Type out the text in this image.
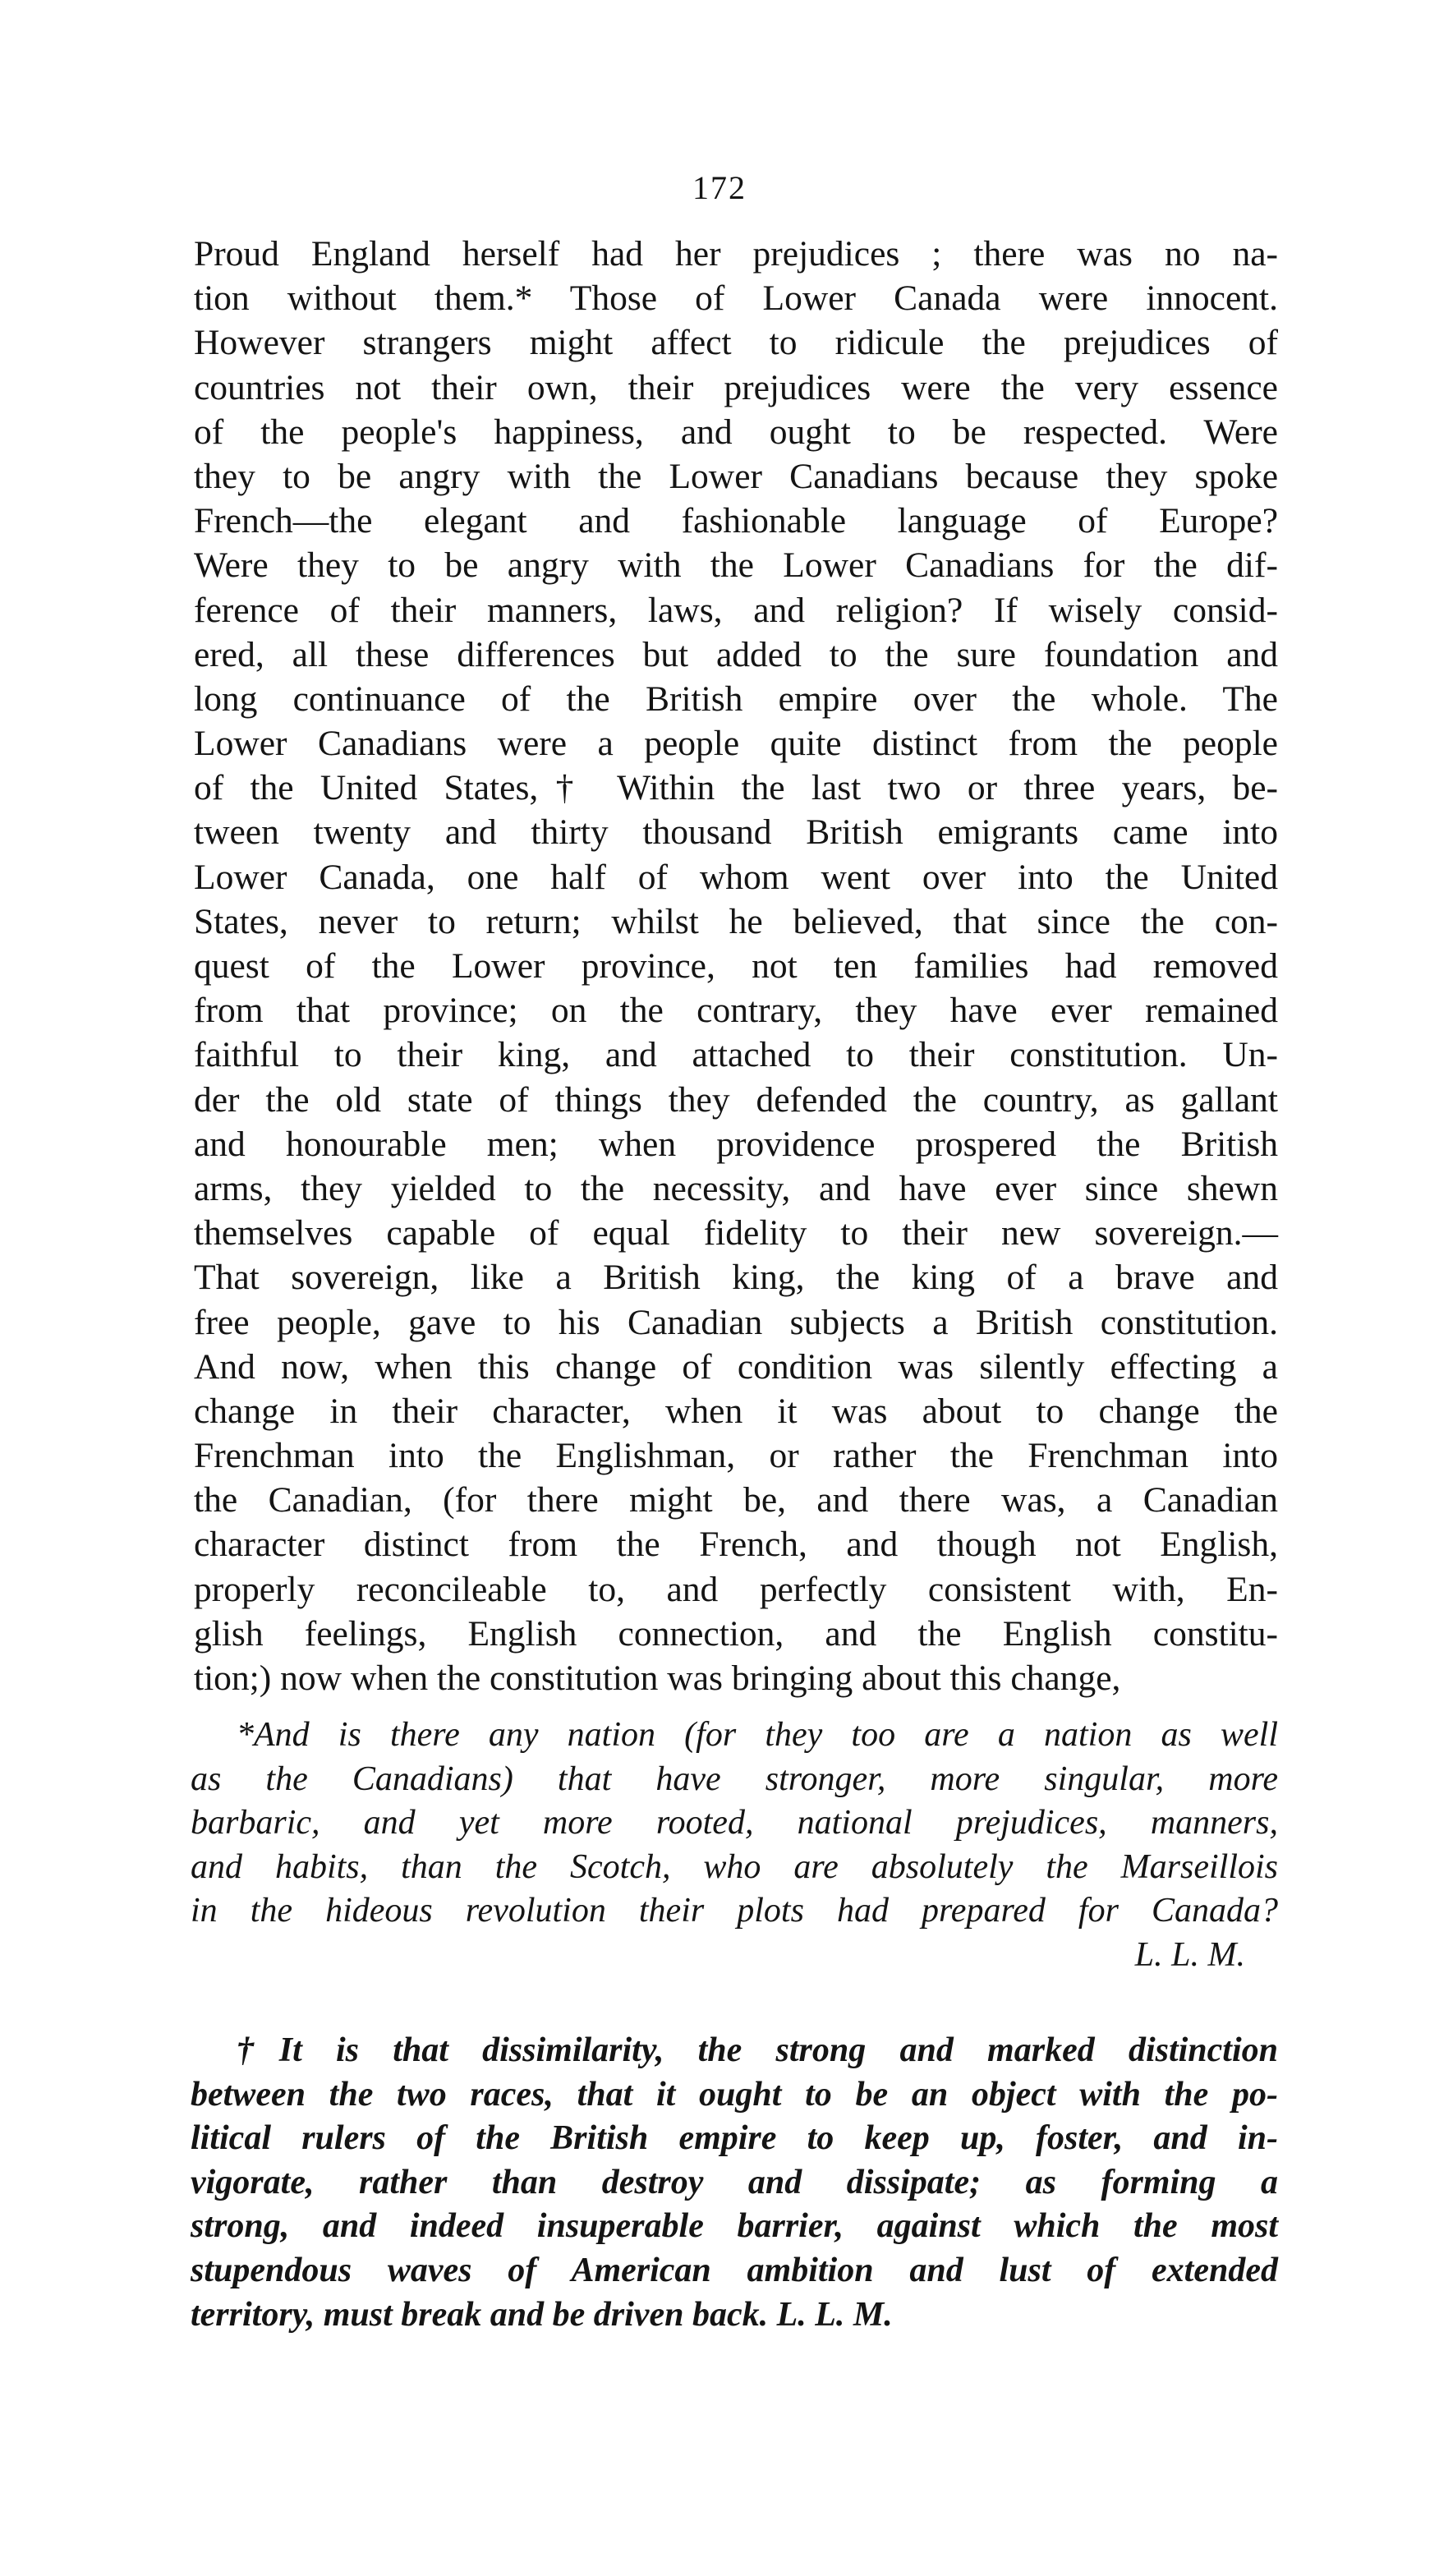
172
Proud England herself had her prejudices ; there was no na-
tion without them.* Those of Lower Canada were innocent.
However strangers might affect to ridicule the prejudices of
countries not their own, their prejudices were the very essence
of the people's happiness, and ought to be respected. Were
they to be angry with the Lower Canadians because they spoke
French—the elegant and fashionable language of Europe?
Were they to be angry with the Lower Canadians for the dif-
ference of their manners, laws, and religion? If wisely consid-
ered, all these differences but added to the sure foundation and
long continuance of the British empire over the whole. The
Lower Canadians were a people quite distinct from the people
of the United States,† Within the last two or three years, be-
tween twenty and thirty thousand British emigrants came into
Lower Canada, one half of whom went over into the United
States, never to return; whilst he believed, that since the con-
quest of the Lower province, not ten families had removed
from that province; on the contrary, they have ever remained
faithful to their king, and attached to their constitution. Un-
der the old state of things they defended the country, as gallant
and honourable men; when providence prospered the British
arms, they yielded to the necessity, and have ever since shewn
themselves capable of equal fidelity to their new sovereign.—
That sovereign, like a British king, the king of a brave and
free people, gave to his Canadian subjects a British constitution.
And now, when this change of condition was silently effecting a
change in their character, when it was about to change the
Frenchman into the Englishman, or rather the Frenchman into
the Canadian, (for there might be, and there was, a Canadian
character distinct from the French, and though not English,
properly reconcileable to, and perfectly consistent with, En-
glish feelings, English connection, and the English constitu-
tion;) now when the constitution was bringing about this change,
*And is there any nation (for they too are a nation as well
as the Canadians) that have stronger, more singular, more
barbaric, and yet more rooted, national prejudices, manners,
and habits, than the Scotch, who are absolutely the Marseillois
in the hideous revolution their plots had prepared for Canada?
L. L. M.
†It is that dissimilarity, the strong and marked distinction
between the two races, that it ought to be an object with the po-
litical rulers of the British empire to keep up, foster, and in-
vigorate, rather than destroy and dissipate; as forming a
strong, and indeed insuperable barrier, against which the most
stupendous waves of American ambition and lust of extended
territory, must break and be driven back. L. L. M.
